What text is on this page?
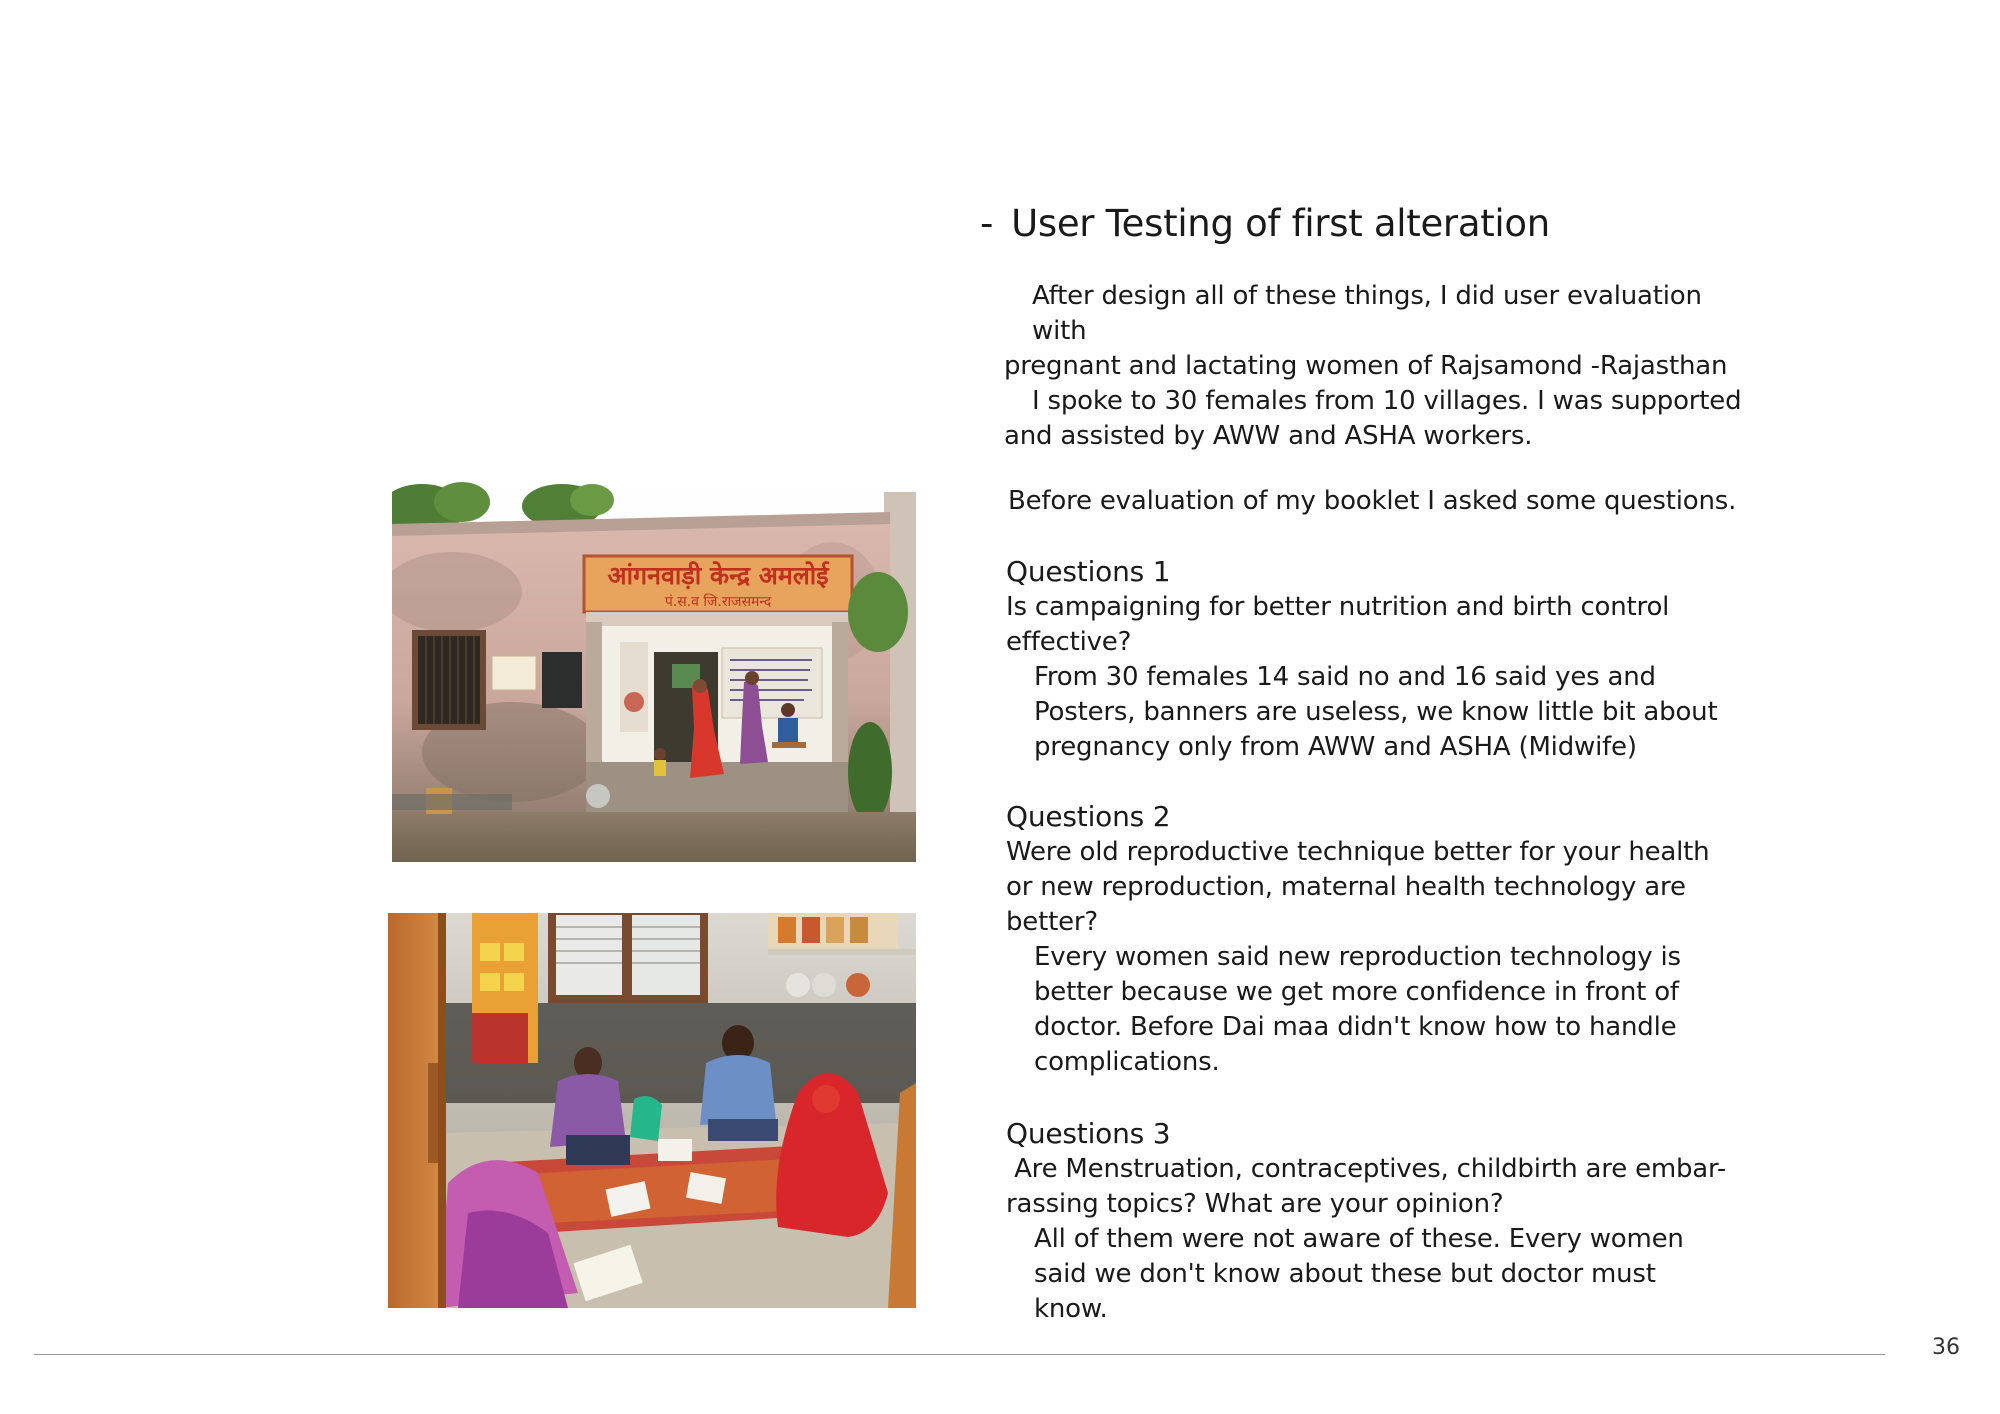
- User Testing of first alteration

After design all of these things, I did user evaluation with

pregnant and lactating women of Rajsamond -Rajasthan

I spoke to 30 females from 10 villages. I was supported

and assisted by AWW and ASHA workers.

Before evaluation of my booklet I asked some questions.

Questions 1

Is campaigning for better nutrition and birth control

effective?

From 30 females 14 said no and 16 said yes and

Posters, banners are useless, we know little bit about

pregnancy only from AWW and ASHA (Midwife)

Questions 2

Were old reproductive technique better for your health

or new reproduction, maternal health technology are

better?

Every women said new reproduction technology is

better because we get more confidence in front of

doctor. Before Dai maa didn't know how to handle

complications.

Questions 3

Are Menstruation, contraceptives, childbirth are embar-

rassing topics? What are your opinion?

All of them were not aware of these. Every women

said we don't know about these but doctor must know.

आंगनवाड़ी केन्द्र अमलोई
पं.स.व जि.राजसमन्द
36
